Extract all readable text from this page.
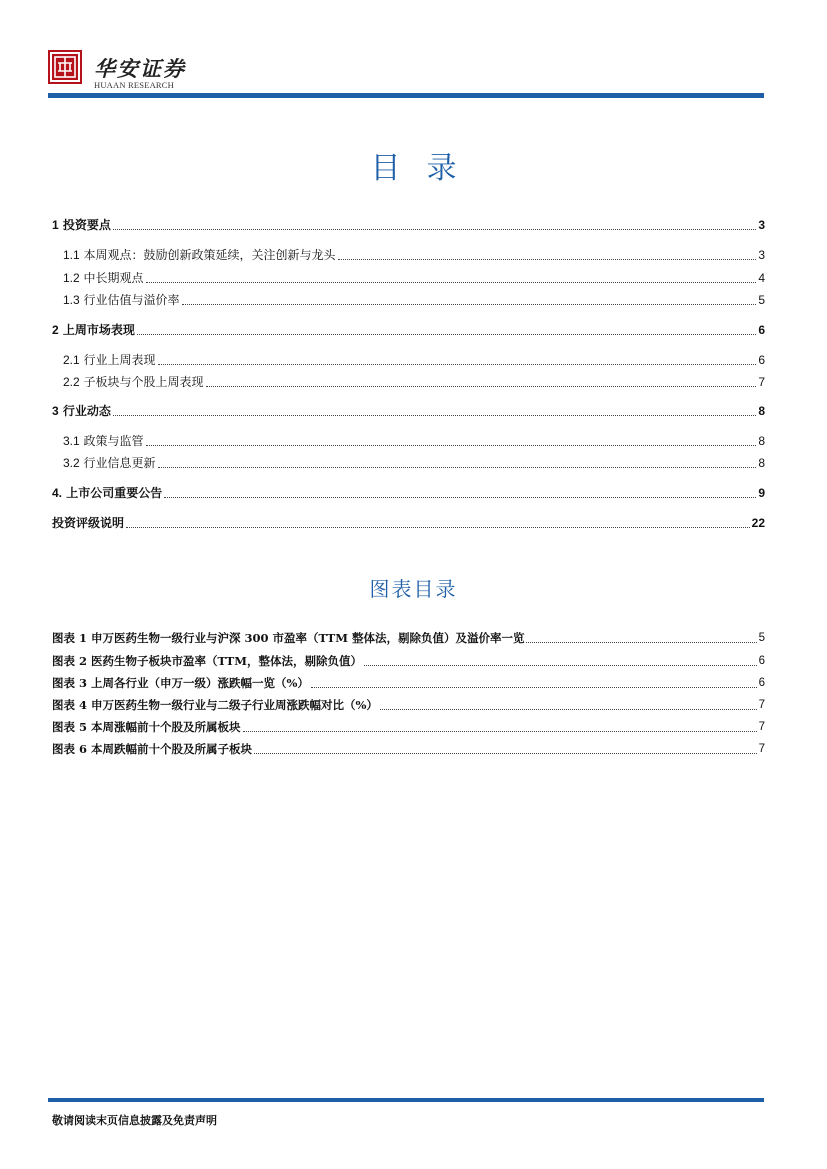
华安证券
HUAAN RESEARCH
目录
1 投资要点	3
1.1 本周观点：鼓励创新政策延续，关注创新与龙头	3
1.2 中长期观点	4
1.3 行业估值与溢价率	5
2 上周市场表现	6
2.1 行业上周表现	6
2.2 子板块与个股上周表现	7
3 行业动态	8
3.1 政策与监管	8
3.2 行业信息更新	8
4. 上市公司重要公告	9
投资评级说明	22
图表目录
图表 1 申万医药生物一级行业与沪深 300 市盈率（TTM 整体法，剔除负值）及溢价率一览	5
图表 2 医药生物子板块市盈率（TTM，整体法，剔除负值）	6
图表 3 上周各行业（申万一级）涨跌幅一览（%）	6
图表 4 申万医药生物一级行业与二级子行业周涨跌幅对比（%）	7
图表 5 本周涨幅前十个股及所属板块	7
图表 6 本周跌幅前十个股及所属子板块	7
敬请阅读末页信息披露及免责声明
